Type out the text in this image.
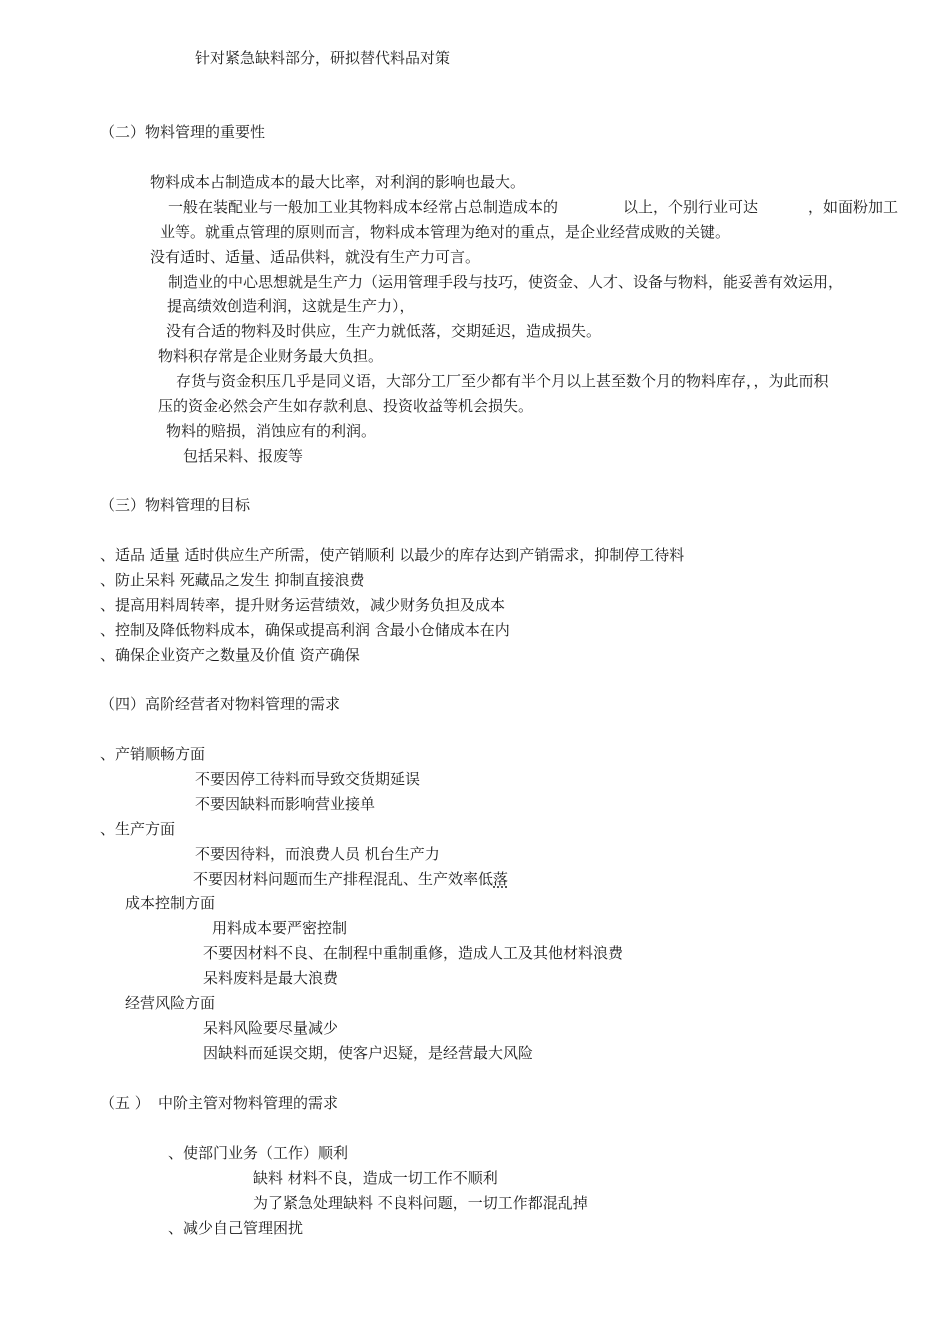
针对紧急缺料部分，研拟替代料品对策
（二）物料管理的重要性
物料成本占制造成本的最大比率，对利润的影响也最大。
一般在装配业与一般加工业其物料成本经常占总制造成本的	以上，个别行业可达	，如面粉加工
业等。就重点管理的原则而言，物料成本管理为绝对的重点，是企业经营成败的关键。
没有适时、适量、适品供料，就没有生产力可言。
制造业的中心思想就是生产力（运用管理手段与技巧，使资金、人才、设备与物料，能妥善有效运用，
提高绩效创造利润，这就是生产力），
没有合适的物料及时供应，生产力就低落，交期延迟，造成损失。
物料积存常是企业财务最大负担。
存货与资金积压几乎是同义语，大部分工厂至少都有半个月以上甚至数个月的物料库存，，为此而积
压的资金必然会产生如存款利息、投资收益等机会损失。
物料的赔损，消蚀应有的利润。
包括呆料、报废等
（三）物料管理的目标
、适品 适量 适时供应生产所需，使产销顺利 以最少的库存达到产销需求，抑制停工待料
、防止呆料 死藏品之发生 抑制直接浪费
、提高用料周转率，提升财务运营绩效，减少财务负担及成本
、控制及降低物料成本，确保或提高利润 含最小仓储成本在内
、确保企业资产之数量及价值 资产确保
（四）高阶经营者对物料管理的需求
、产销顺畅方面
不要因停工待料而导致交货期延误
不要因缺料而影响营业接单
、生产方面
不要因待料，而浪费人员 机台生产力
不要因材料问题而生产排程混乱、生产效率低落
成本控制方面
用料成本要严密控制
不要因材料不良、在制程中重制重修，造成人工及其他材料浪费
呆料废料是最大浪费
经营风险方面
呆料风险要尽量减少
因缺料而延误交期，使客户迟疑，是经营最大风险
（五 ） 中阶主管对物料管理的需求
、使部门业务（工作）顺利
缺料 材料不良，造成一切工作不顺利
为了紧急处理缺料 不良料问题，一切工作都混乱掉
、减少自己管理困扰
